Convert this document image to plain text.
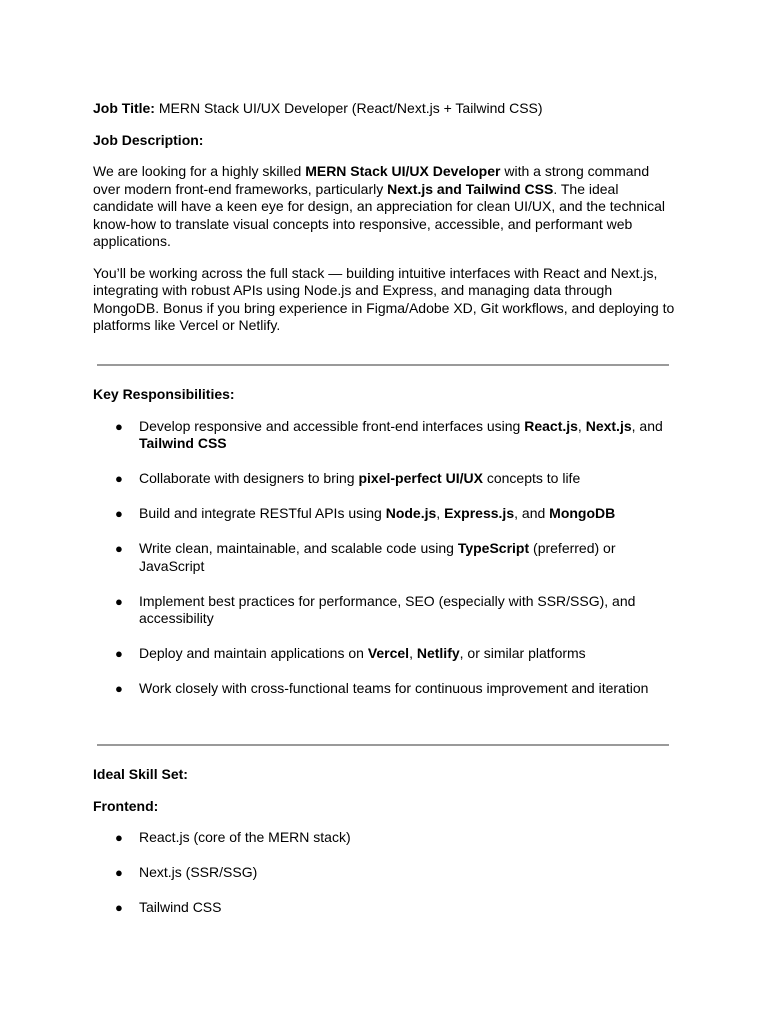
Job Title: MERN Stack UI/UX Developer (React/Next.js + Tailwind CSS)

Job Description:

We are looking for a highly skilled MERN Stack UI/UX Developer with a strong command over modern front-end frameworks, particularly Next.js and Tailwind CSS. The ideal candidate will have a keen eye for design, an appreciation for clean UI/UX, and the technical know-how to translate visual concepts into responsive, accessible, and performant web applications.

You’ll be working across the full stack — building intuitive interfaces with React and Next.js, integrating with robust APIs using Node.js and Express, and managing data through MongoDB. Bonus if you bring experience in Figma/Adobe XD, Git workflows, and deploying to platforms like Vercel or Netlify.

Key Responsibilities:

● Develop responsive and accessible front-end interfaces using React.js, Next.js, and Tailwind CSS
● Collaborate with designers to bring pixel-perfect UI/UX concepts to life
● Build and integrate RESTful APIs using Node.js, Express.js, and MongoDB
● Write clean, maintainable, and scalable code using TypeScript (preferred) or JavaScript
● Implement best practices for performance, SEO (especially with SSR/SSG), and accessibility
● Deploy and maintain applications on Vercel, Netlify, or similar platforms
● Work closely with cross-functional teams for continuous improvement and iteration

Ideal Skill Set:

Frontend:

● React.js (core of the MERN stack)
● Next.js (SSR/SSG)
● Tailwind CSS
